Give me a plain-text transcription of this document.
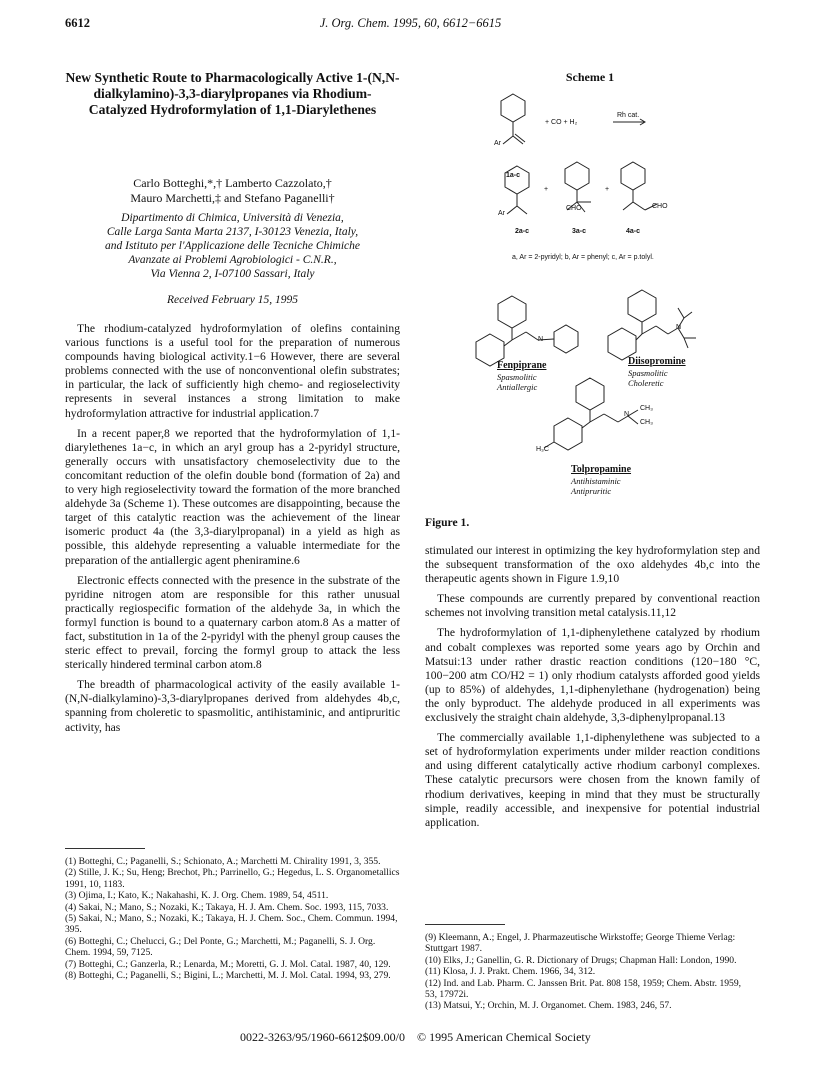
6612	J. Org. Chem. 1995, 60, 6612−6615
New Synthetic Route to Pharmacologically Active 1-(N,N-dialkylamino)-3,3-diarylpropanes via Rhodium-Catalyzed Hydroformylation of 1,1-Diarylethenes
Carlo Botteghi,*,† Lamberto Cazzolato,†
Mauro Marchetti,‡ and Stefano Paganelli†
Dipartimento di Chimica, Università di Venezia,
Calle Larga Santa Marta 2137, I-30123 Venezia, Italy,
and Istituto per l'Applicazione delle Tecniche Chimiche
Avanzate ai Problemi Agrobiologici - C.N.R.,
Via Vienna 2, I-07100 Sassari, Italy
Received February 15, 1995

The rhodium-catalyzed hydroformylation of olefins containing various functions is a useful tool for the preparation of numerous compounds having biological activity.1−6 However, there are several problems connected with the use of nonconventional olefin substrates; in particular, the lack of sufficiently high chemo- and regioselectivity represents in several instances a strong limitation to make hydroformylation attractive for industrial application.7

In a recent paper,8 we reported that the hydroformylation of 1,1-diarylethenes 1a−c, in which an aryl group has a 2-pyridyl structure, generally occurs with unsatisfactory chemoselectivity due to the concomitant reduction of the olefin double bond (formation of 2a) and to very high regioselectivity toward the formation of the more branched aldehyde 3a (Scheme 1). These outcomes are disappointing, because the target of this catalytic reaction was the achievement of the linear isomeric product 4a (the 3,3-diarylpropanal) in a yield as high as possible, this aldehyde representing a valuable intermediate for the preparation of the antiallergic agent pheniramine.6

Electronic effects connected with the presence in the substrate of the pyridine nitrogen atom are responsible for this rather unusual practically regiospecific formation of the aldehyde 3a, in which the formyl function is bound to a quaternary carbon atom.8 As a matter of fact, substitution in 1a of the 2-pyridyl with the phenyl group causes the steric effect to prevail, forcing the formyl group to attack the less sterically hindered terminal carbon atom.8

The breadth of pharmacological activity of the easily available 1-(N,N-dialkylamino)-3,3-diarylpropanes derived from aldehydes 4b,c, spanning from choleretic to spasmolitic, antihistaminic, and antipruritic activity, has

(1) Botteghi, C.; Paganelli, S.; Schionato, A.; Marchetti M. Chirality 1991, 3, 355.
(2) Stille, J. K.; Su, Heng; Brechot, Ph.; Parrinello, G.; Hegedus, L. S. Organometallics 1991, 10, 1183.
(3) Ojima, I.; Kato, K.; Nakahashi, K. J. Org. Chem. 1989, 54, 4511.
(4) Sakai, N.; Mano, S.; Nozaki, K.; Takaya, H. J. Am. Chem. Soc. 1993, 115, 7033.
(5) Sakai, N.; Mano, S.; Nozaki, K.; Takaya, H. J. Chem. Soc., Chem. Commun. 1994, 395.
(6) Botteghi, C.; Chelucci, G.; Del Ponte, G.; Marchetti, M.; Paganelli, S. J. Org. Chem. 1994, 59, 7125.
(7) Botteghi, C.; Ganzerla, R.; Lenarda, M.; Moretti, G. J. Mol. Catal. 1987, 40, 129.
(8) Botteghi, C.; Paganelli, S.; Bigini, L.; Marchetti, M. J. Mol. Catal. 1994, 93, 279.
Scheme 1
Ar
1a-c
+ CO + H₂
Rh cat.
Ar
+
CHO
+
CHO
2a-c	3a-c	4a-c
a, Ar = 2-pyridyl; b, Ar = phenyl; c, Ar = p.tolyl.
N
N
N
CH₃
CH₃
H₃C
Fenpiprane
Spasmolitic
Antiallergic
Diisopromine
Spasmolitic
Choleretic
Tolpropamine
Antihistaminic
Antipruritic
Figure 1.

stimulated our interest in optimizing the key hydroformylation step and the subsequent transformation of the oxo aldehydes 4b,c into the therapeutic agents shown in Figure 1.9,10

These compounds are currently prepared by conventional reaction schemes not involving transition metal catalysis.11,12

The hydroformylation of 1,1-diphenylethene catalyzed by rhodium and cobalt complexes was reported some years ago by Orchin and Matsui:13 under rather drastic reaction conditions (120−180 °C, 100−200 atm CO/H2 = 1) only rhodium catalysts afforded good yields (up to 85%) of aldehydes, 1,1-diphenylethane (hydrogenation) being the only byproduct. The aldehyde produced in all experiments was exclusively the straight chain aldehyde, 3,3-diphenylpropanal.13

The commercially available 1,1-diphenylethene was subjected to a set of hydroformylation experiments under milder reaction conditions and using different catalytically active rhodium carbonyl complexes. These catalytic precursors were chosen from the known family of rhodium derivatives, keeping in mind that they must be structurally simple, readily accessible, and inexpensive for potential industrial application.

(9) Kleemann, A.; Engel, J. Pharmazeutische Wirkstoffe; George Thieme Verlag: Stuttgart 1987.
(10) Elks, J.; Ganellin, G. R. Dictionary of Drugs; Chapman Hall: London, 1990.
(11) Klosa, J. J. Prakt. Chem. 1966, 34, 312.
(12) Ind. and Lab. Pharm. C. Janssen Brit. Pat. 808 158, 1959; Chem. Abstr. 1959, 53, 17972i.
(13) Matsui, Y.; Orchin, M. J. Organomet. Chem. 1983, 246, 57.
0022-3263/95/1960-6612$09.00/0    © 1995 American Chemical Society
